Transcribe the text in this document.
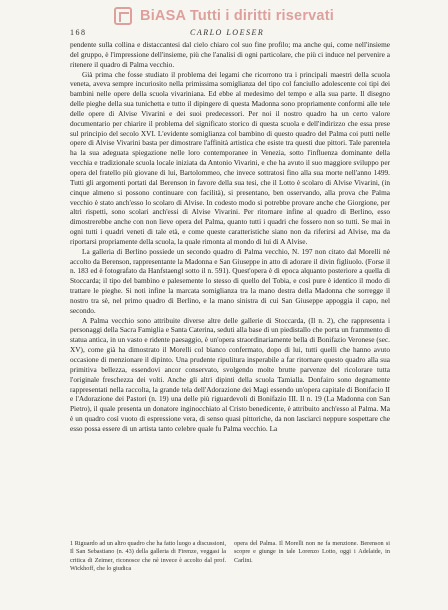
BiASA Tutti i diritti riservati
168	CARLO LOESER

pendente sulla collina e distaccantesi dal cielo chiaro col suo fine profilo; ma anche qui, come nell'insieme del gruppo, è l'impressione dell'insieme, più che l'analisi di ogni particolare, che più ci induce nel pervenire a ritenere il quadro di Palma vecchio.

Già prima che fosse studiato il problema dei legami che ricorrono tra i principali maestri della scuola veneta, aveva sempre incuriosito nella primissima somiglianza del tipo col fanciullo adolescente coi tipi dei bambini nelle opere della scuola vivariniana. Ed ebbe al medesimo del tempo e alla sua parte. Il disegno delle pieghe della sua tunichetta e tutto il dipingere di questa Madonna sono propriamente conformi alle tele delle opere di Alvise Vivarini e dei suoi predecessori. Per noi il nostro quadro ha un certo valore documentario per chiarire il problema del significato storico di questa scuola e dell'indirizzo che essa prese sul principio del secolo XVI. L'evidente somiglianza col bambino di questo quadro del Palma coi putti nelle opere di Alvise Vivarini basta per dimostrare l'affinità artistica che esiste tra questi due pittori. Tale parentela ha la sua adeguata spiegazione nelle loro contemporanee in Venezia, sotto l'influenza dominante della vecchia e tradizionale scuola locale iniziata da Antonio Vivarini, e che ha avuto il suo maggiore sviluppo per opera del fratello più giovane di lui, Bartolommeo, che invece sottratosi fino alla sua morte nell'anno 1499. Tutti gli argomenti portati dal Berenson in favore della sua tesi, che il Lotto è scolaro di Alvise Vivarini, (in cinque almeno si possono continuare con facilità), si presentano, ben osservando, alla prova che Palma vecchio è stato anch'esso lo scolaro di Alvise. In codesto modo si potrebbe provare anche che Giorgione, per altri rispetti, sono scolari anch'essi di Alvise Vivarini. Per ritornare infine al quadro di Berlino, esso dimostrerebbe anche con non lieve opera del Palma, quanto tutti i quadri che fossero non so tutti. Se mai in ogni tutti i quadri veneti di tale età, e come queste caratteristiche siano non da riferirsi ad Alvise, ma da riportarsi propriamente della scuola, la quale rimonta al mondo di lui di A Alvise.

La galleria di Berlino possiede un secondo quadro di Palma vecchio, N. 197 non citato dal Morelli nè accolto da Berenson, rappresentante la Madonna e San Giuseppe in atto di adorare il divin figliuolo. (Forse il n. 183 ed è fotografato da Hanfstaengl sotto il n. 591). Quest'opera è di epoca alquanto posteriore a quella di Stoccarda; il tipo del bambino e palesemente lo stesso di quello del Tobia, e così pure è identico il modo di trattare le pieghe. Si noti infine la marcata somiglianza tra la mano destra della Madonna che sorregge il nostro tra sè, nel primo quadro di Berlino, e la mano sinistra di cui San Giuseppe appoggia il capo, nel secondo.

A Palma vecchio sono attribuite diverse altre delle gallerie di Stoccarda, (Il n. 2), che rappresenta i personaggi della Sacra Famiglia e Santa Caterina, seduti alla base di un piedistallo che porta un frammento di statua antica, in un vasto e ridente paesaggio, è un'opera straordinariamente bella di Bonifazio Veronese (sec. XV), come già ha dimostrato il Morelli col bianco confermato, dopo di lui, tutti quelli che hanno avuto occasione di menzionare il dipinto. Una prudente ripulitura insperabile a far ritornare questo quadro alla sua primitiva bellezza, essendovi ancor conservato, svolgendo molte brutte parvenze del ricolorare tutta l'originale freschezza dei volti. Anche gli altri dipinti della scuola Tamialla. Donfairo sono degnamente rappresentati nella raccolta, la grande tela dell'Adorazione dei Magi essendo un'opera capitale di Bonifacio II e l'Adorazione dei Pastori (n. 19) una delle più riguardevoli di Bonifazio III. Il n. 19 (La Madonna con San Pietro), il quale presenta un donatore inginocchiato al Cristo benedicente, è attribuito anch'esso al Palma. Ma è un quadro così vuoto di espressione vera, di senso quasi pittoriche, da non lasciarci neppure sospettare che esso possa essere di un artista tanto celebre quale fu Palma vecchio. La

1 Riguardo ad un altro quadro che ha fatto luogo a discussioni, Il San Sebastiano (n. 43) della galleria di Firenze, veggasi la critica di Zeimer, riconosce che nè invece è accolto dal prof. Wickhoff, che lo giudica
opera del Palma. Il Morelli non ne fa menzione. Berenson si scopre e giunge in tale Lorenzo Lotto, oggi i Adelaide, in Carlini.
